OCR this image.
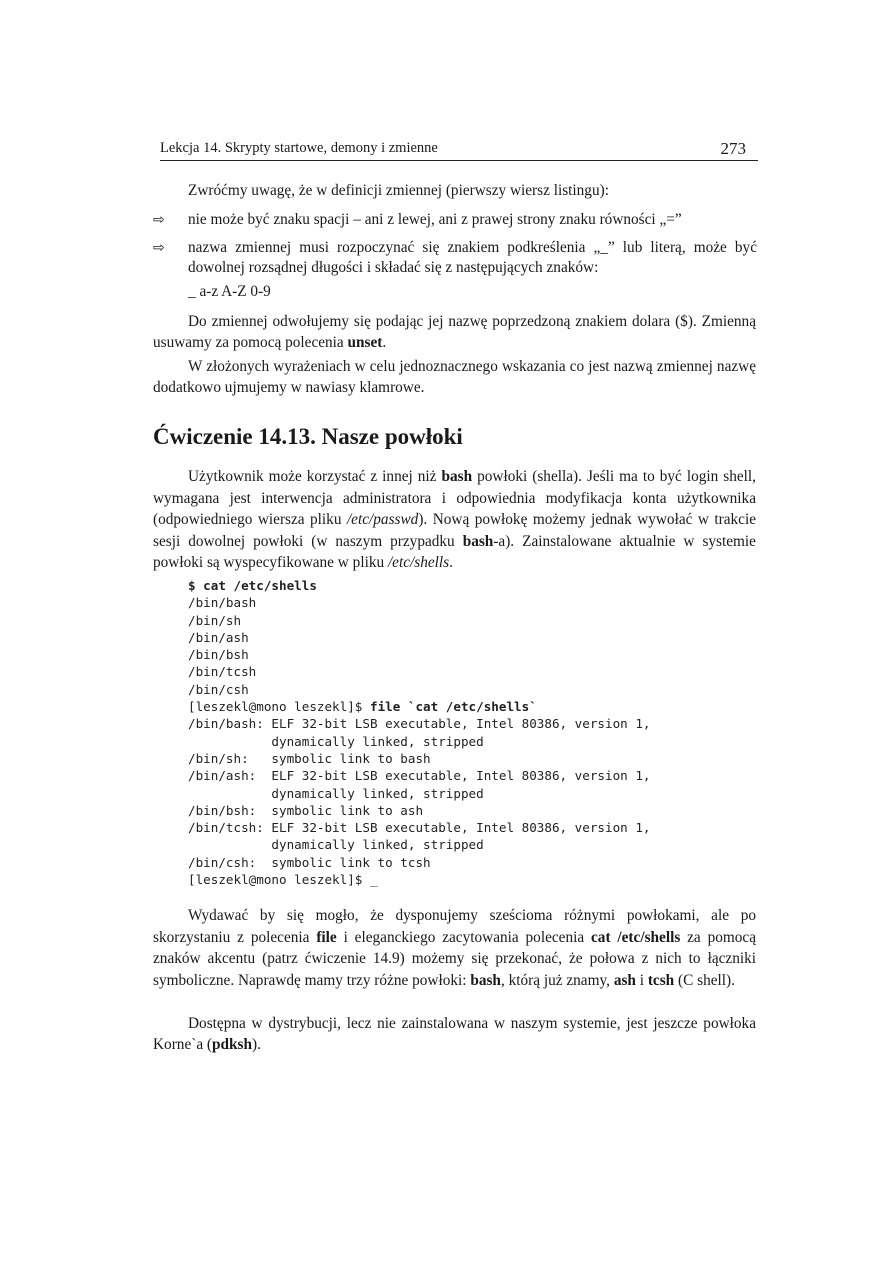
Lekcja 14. Skrypty startowe, demony i zmienne	273
Zwróćmy uwagę, że w definicji zmiennej (pierwszy wiersz listingu):
⇨ nie może być znaku spacji – ani z lewej, ani z prawej strony znaku równości „=”
⇨ nazwa zmiennej musi rozpoczynać się znakiem podkreślenia „_” lub literą, może być dowolnej rozsądnej długości i składać się z następujących znaków:
_ a-z A-Z 0-9
Do zmiennej odwołujemy się podając jej nazwę poprzedzoną znakiem dolara ($). Zmienną usuwamy za pomocą polecenia unset.
W złożonych wyrażeniach w celu jednoznacznego wskazania co jest nazwą zmiennej nazwę dodatkowo ujmujemy w nawiasy klamrowe.
Ćwiczenie 14.13. Nasze powłoki
Użytkownik może korzystać z innej niż bash powłoki (shella). Jeśli ma to być login shell, wymagana jest interwencja administratora i odpowiednia modyfikacja konta użytkownika (odpowiedniego wiersza pliku /etc/passwd). Nową powłokę możemy jednak wywołać w trakcie sesji dowolnej powłoki (w naszym przypadku bash-a). Zainstalowane aktualnie w systemie powłoki są wyspecyfikowane w pliku /etc/shells.
$ cat /etc/shells
/bin/bash
/bin/sh
/bin/ash
/bin/bsh
/bin/tcsh
/bin/csh
[leszekl@mono leszekl]$ file `cat /etc/shells`
/bin/bash: ELF 32-bit LSB executable, Intel 80386, version 1,
dynamically linked, stripped
/bin/sh:   symbolic link to bash
/bin/ash:  ELF 32-bit LSB executable, Intel 80386, version 1,
dynamically linked, stripped
/bin/bsh:  symbolic link to ash
/bin/tcsh: ELF 32-bit LSB executable, Intel 80386, version 1,
dynamically linked, stripped
/bin/csh:  symbolic link to tcsh
[leszekl@mono leszekl]$ _
Wydawać by się mogło, że dysponujemy sześcioma różnymi powłokami, ale po skorzystaniu z polecenia file i eleganckiego zacytowania polecenia cat /etc/shells za pomocą znaków akcentu (patrz ćwiczenie 14.9) możemy się przekonać, że połowa z nich to łączniki symboliczne. Naprawdę mamy trzy różne powłoki: bash, którą już znamy, ash i tcsh (C shell).
Dostępna w dystrybucji, lecz nie zainstalowana w naszym systemie, jest jeszcze powłoka Korne`a (pdksh).
